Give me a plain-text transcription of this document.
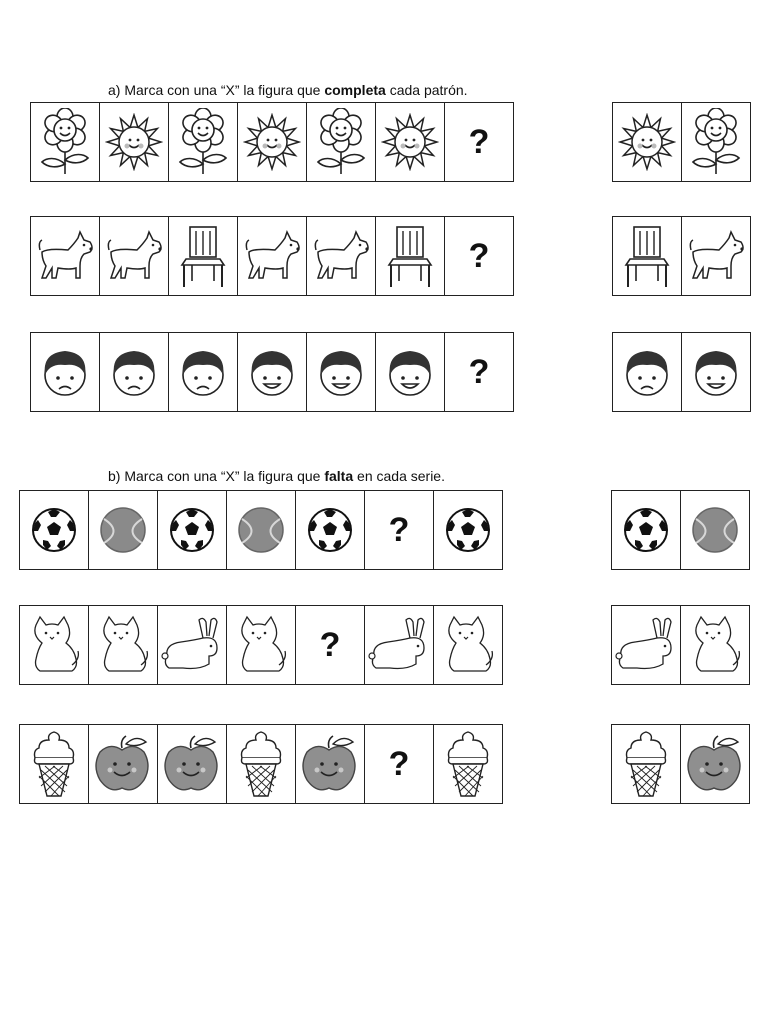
a) Marca con una “X” la figura que completa cada patrón.
b) Marca con una “X” la figura que falta en cada serie.
?
?
?
?
?
?
